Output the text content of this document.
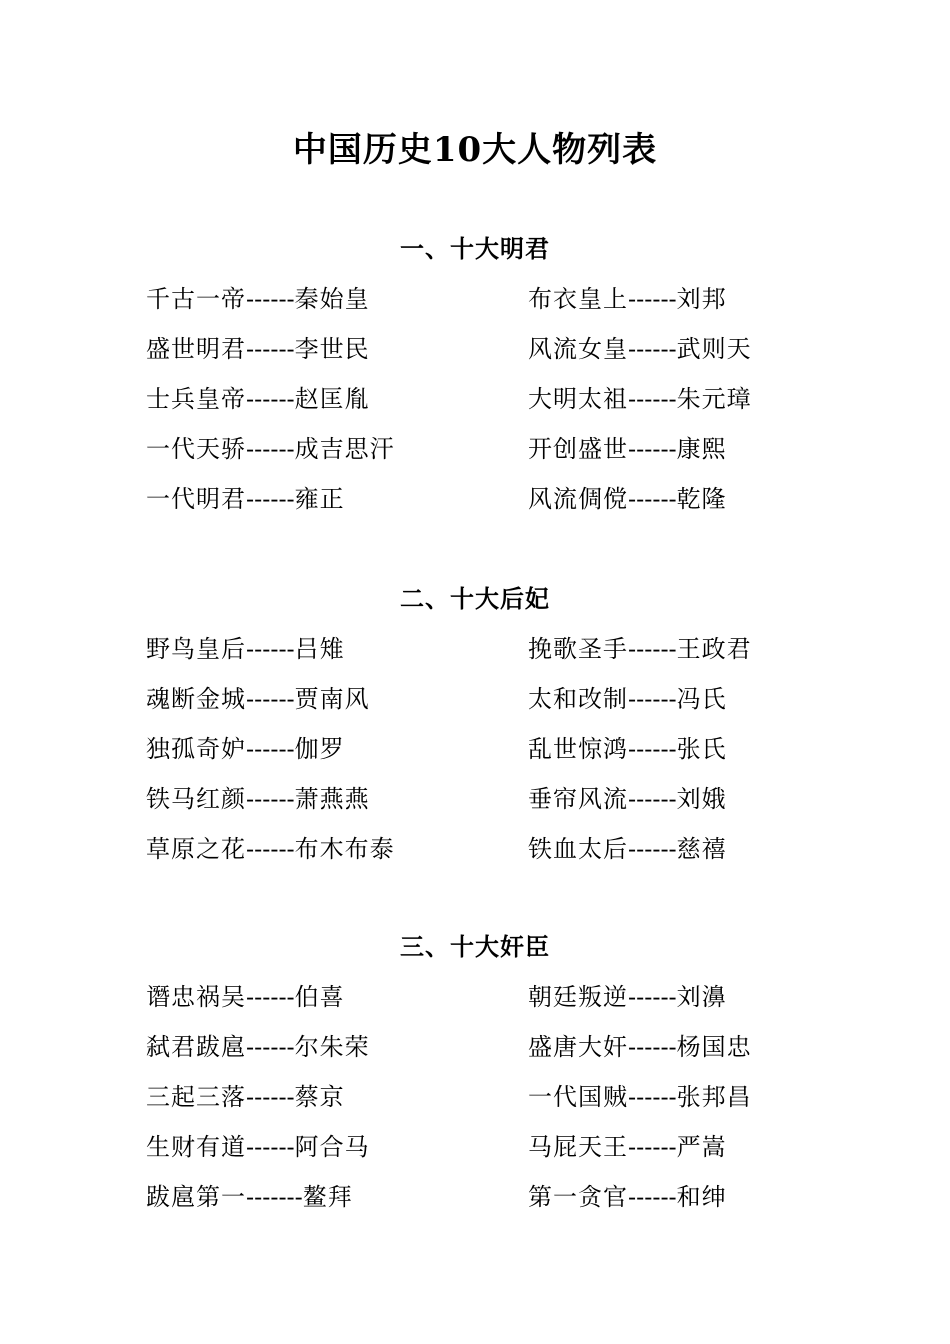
中国历史10大人物列表
一、十大明君
千古一帝------秦始皇	布衣皇上------刘邦
盛世明君------李世民	风流女皇------武则天
士兵皇帝------赵匡胤	大明太祖------朱元璋
一代天骄------成吉思汗	开创盛世------康熙
一代明君------雍正	风流倜傥------乾隆
二、十大后妃
野鸟皇后------吕雉	挽歌圣手------王政君
魂断金城------贾南风	太和改制------冯氏
独孤奇妒------伽罗	乱世惊鸿------张氏
铁马红颜------萧燕燕	垂帘风流------刘娥
草原之花------布木布泰	铁血太后------慈禧
三、十大奸臣
谮忠祸吴------伯喜	朝廷叛逆------刘濞
弑君跋扈------尔朱荣	盛唐大奸------杨国忠
三起三落------蔡京	一代国贼------张邦昌
生财有道------阿合马	马屁天王------严嵩
跋扈第一-------鳌拜	第一贪官------和绅
